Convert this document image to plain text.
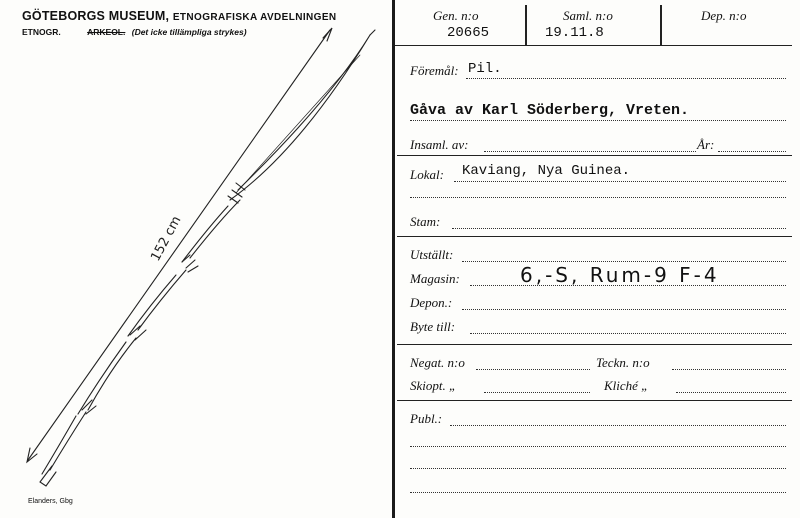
GÖTEBORGS MUSEUM, ETNOGRAFISKA AVDELNINGEN
ETNOGR.	ARKEOL. (Det icke tillämpliga strykes)
152 cm
Elanders, Gbg
Gen. n:o
20665
Saml. n:o
19.11.8
Dep. n:o
Föremål: Pil.
Gåva av Karl Söderberg, Vreten.
Insaml. av:	År:
Lokal: Kaviang, Nya Guinea.
Stam:
Utställt:
Magasin:	6,-S, Rum-9 F-4
Depon.:
Byte till:
Negat. n:o	Teckn. n:o
Skiopt. „	Kliché „
Publ.:
